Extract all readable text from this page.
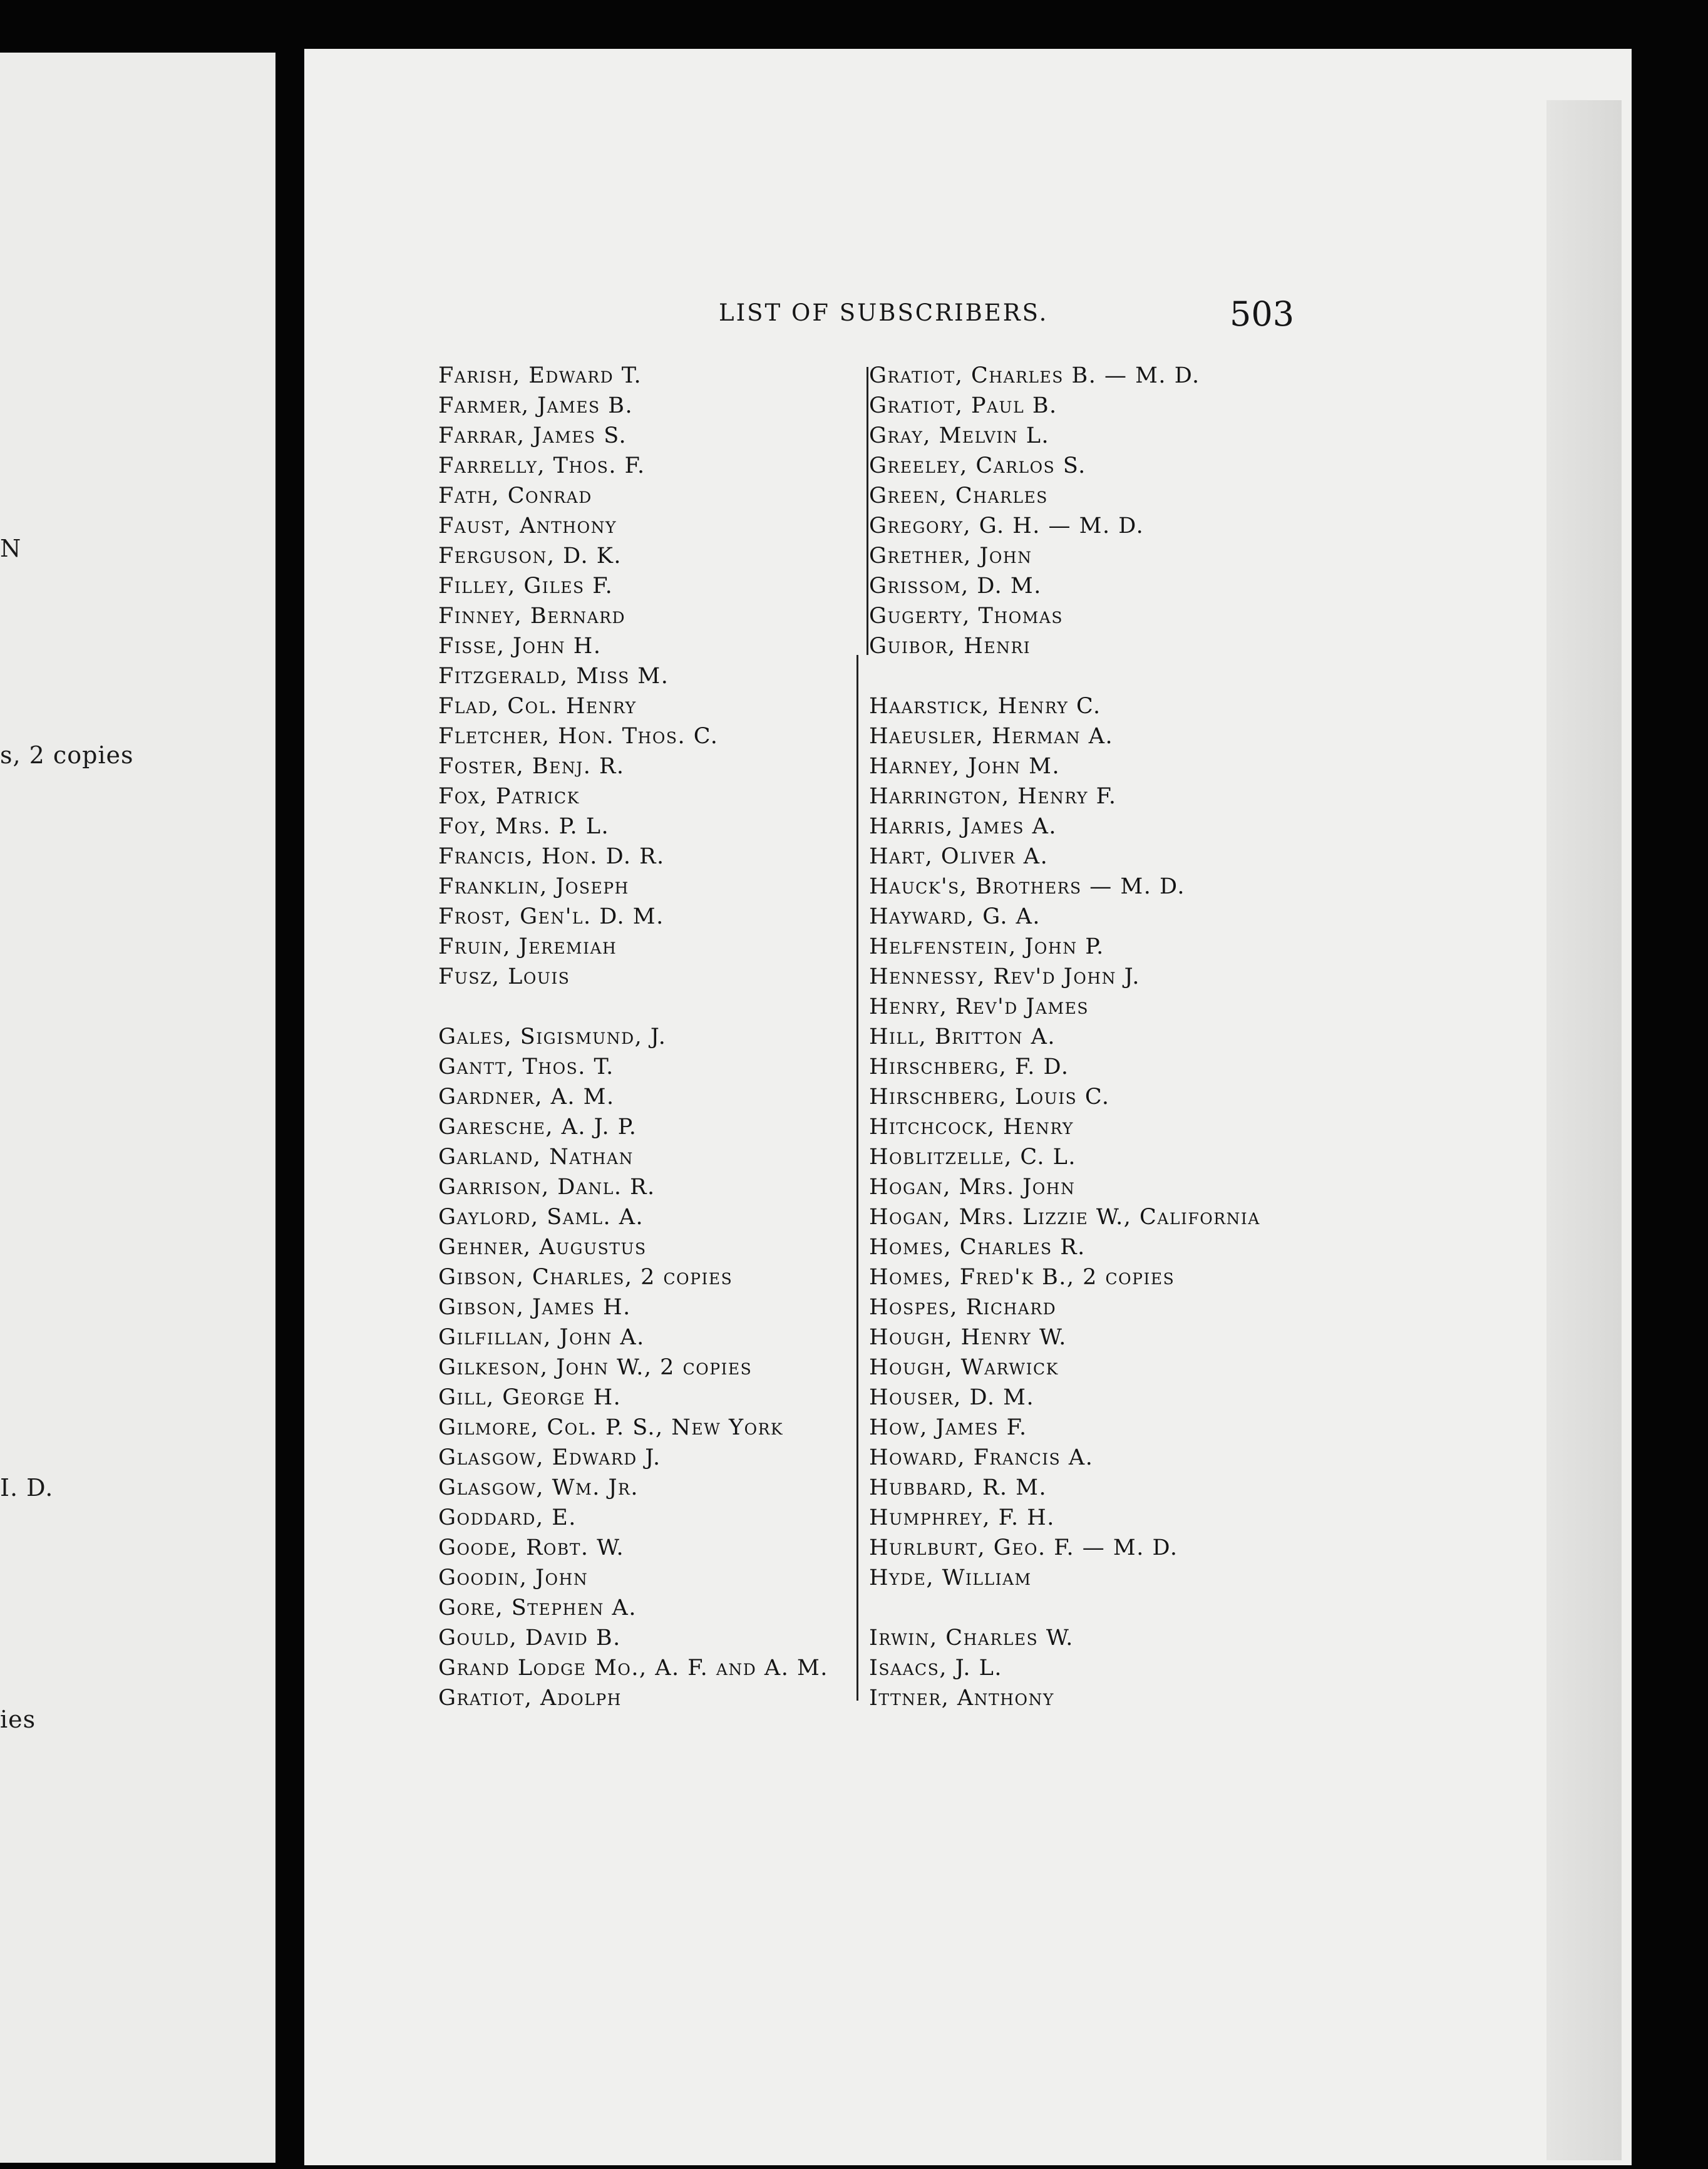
N
s, 2 copies
I. D.
ies
LIST OF SUBSCRIBERS.	503
Farish, Edward T.
Farmer, James B.
Farrar, James S.
Farrelly, Thos. F.
Fath, Conrad
Faust, Anthony
Ferguson, D. K.
Filley, Giles F.
Finney, Bernard
Fisse, John H.
Fitzgerald, Miss M.
Flad, Col. Henry
Fletcher, Hon. Thos. C.
Foster, Benj. R.
Fox, Patrick
Foy, Mrs. P. L.
Francis, Hon. D. R.
Franklin, Joseph
Frost, Gen'l. D. M.
Fruin, Jeremiah
Fusz, Louis
Gales, Sigismund, J.
Gantt, Thos. T.
Gardner, A. M.
Garesche, A. J. P.
Garland, Nathan
Garrison, Danl. R.
Gaylord, Saml. A.
Gehner, Augustus
Gibson, Charles, 2 copies
Gibson, James H.
Gilfillan, John A.
Gilkeson, John W., 2 copies
Gill, George H.
Gilmore, Col. P. S., New York
Glasgow, Edward J.
Glasgow, Wm. Jr.
Goddard, E.
Goode, Robt. W.
Goodin, John
Gore, Stephen A.
Gould, David B.
Grand Lodge Mo., A. F. and A. M.
Gratiot, Adolph
Gratiot, Charles B. — M. D.
Gratiot, Paul B.
Gray, Melvin L.
Greeley, Carlos S.
Green, Charles
Gregory, G. H. — M. D.
Grether, John
Grissom, D. M.
Gugerty, Thomas
Guibor, Henri
Haarstick, Henry C.
Haeusler, Herman A.
Harney, John M.
Harrington, Henry F.
Harris, James A.
Hart, Oliver A.
Hauck's, Brothers — M. D.
Hayward, G. A.
Helfenstein, John P.
Hennessy, Rev'd John J.
Henry, Rev'd James
Hill, Britton A.
Hirschberg, F. D.
Hirschberg, Louis C.
Hitchcock, Henry
Hoblitzelle, C. L.
Hogan, Mrs. John
Hogan, Mrs. Lizzie W., California
Homes, Charles R.
Homes, Fred'k B., 2 copies
Hospes, Richard
Hough, Henry W.
Hough, Warwick
Houser, D. M.
How, James F.
Howard, Francis A.
Hubbard, R. M.
Humphrey, F. H.
Hurlburt, Geo. F. — M. D.
Hyde, William
Irwin, Charles W.
Isaacs, J. L.
Ittner, Anthony
